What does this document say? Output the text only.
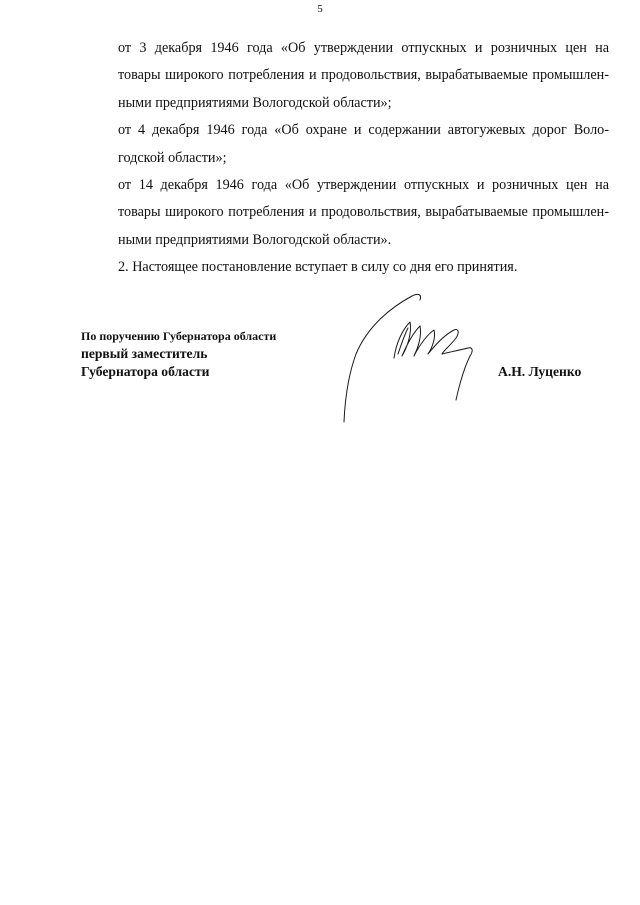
5

от 3 декабря 1946 года «Об утверждении отпускных и розничных цен на
товары широкого потребления и продовольствия, вырабатываемые промышлен-
ными предприятиями Вологодской области»;

от 4 декабря 1946 года «Об охране и содержании автогужевых дорог Воло-
годской области»;

от 14 декабря 1946 года «Об утверждении отпускных и розничных цен на
товары широкого потребления и продовольствия, вырабатываемые промышлен-
ными предприятиями Вологодской области».

2. Настоящее постановление вступает в силу со дня его принятия.

По поручению Губернатора области
первый заместитель
Губернатора области	А.Н. Луценко
